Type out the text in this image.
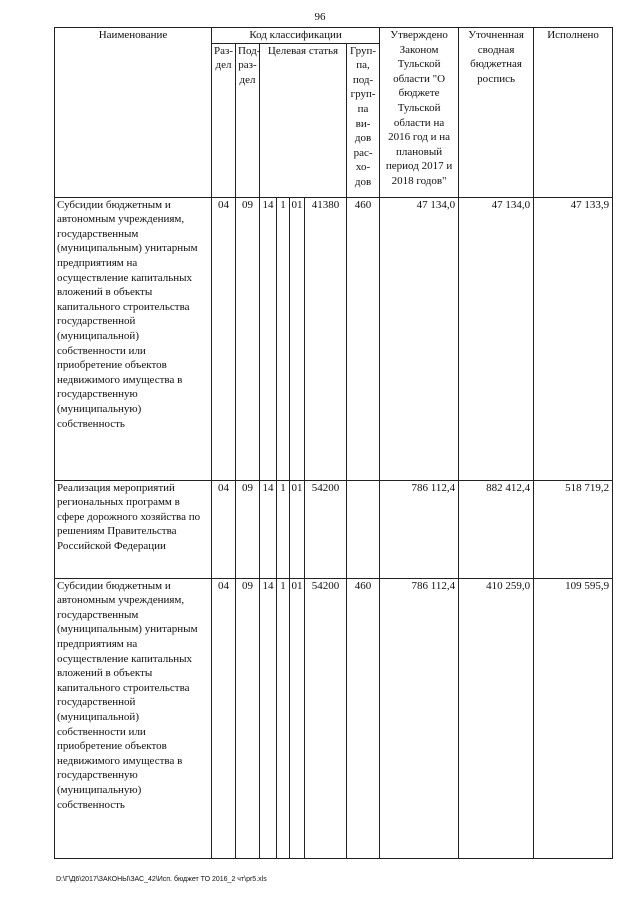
96
Наименование	Код классификации							Утверждено Законом Тульской области "О бюджете Тульской области на 2016 год и на плановый период 2017 и 2018 годов"	Уточненная сводная бюджетная роспись	Исполнено
	Раз-дел	Под-раз-дел	Целевая статья				Груп-па, под-груп-па ви-дов рас-хо-дов			
Субсидии бюджетным и автономным учреждениям, государственным (муниципальным) унитарным предприятиям на осуществление капитальных вложений в объекты капитального строительства государственной (муниципальной) собственности или приобретение объектов недвижимого имущества в государственную (муниципальную) собственность	04	09	14	1	01	41380	460	47 134,0	47 134,0	47 133,9
Реализация мероприятий региональных программ в сфере дорожного хозяйства по решениям Правительства Российской Федерации	04	09	14	1	01	54200		786 112,4	882 412,4	518 719,2
Субсидии бюджетным и автономным учреждениям, государственным (муниципальным) унитарным предприятиям на осуществление капитальных вложений в объекты капитального строительства государственной (муниципальной) собственности или приобретение объектов недвижимого имущества в государственную (муниципальную) собственность	04	09	14	1	01	54200	460	786 112,4	410 259,0	109 595,9
D:\Г\Д6\2017\ЗАКОНЫ\ЗАС_42\Исп. бюджет ТО 2016_2 чт\pr5.xls
